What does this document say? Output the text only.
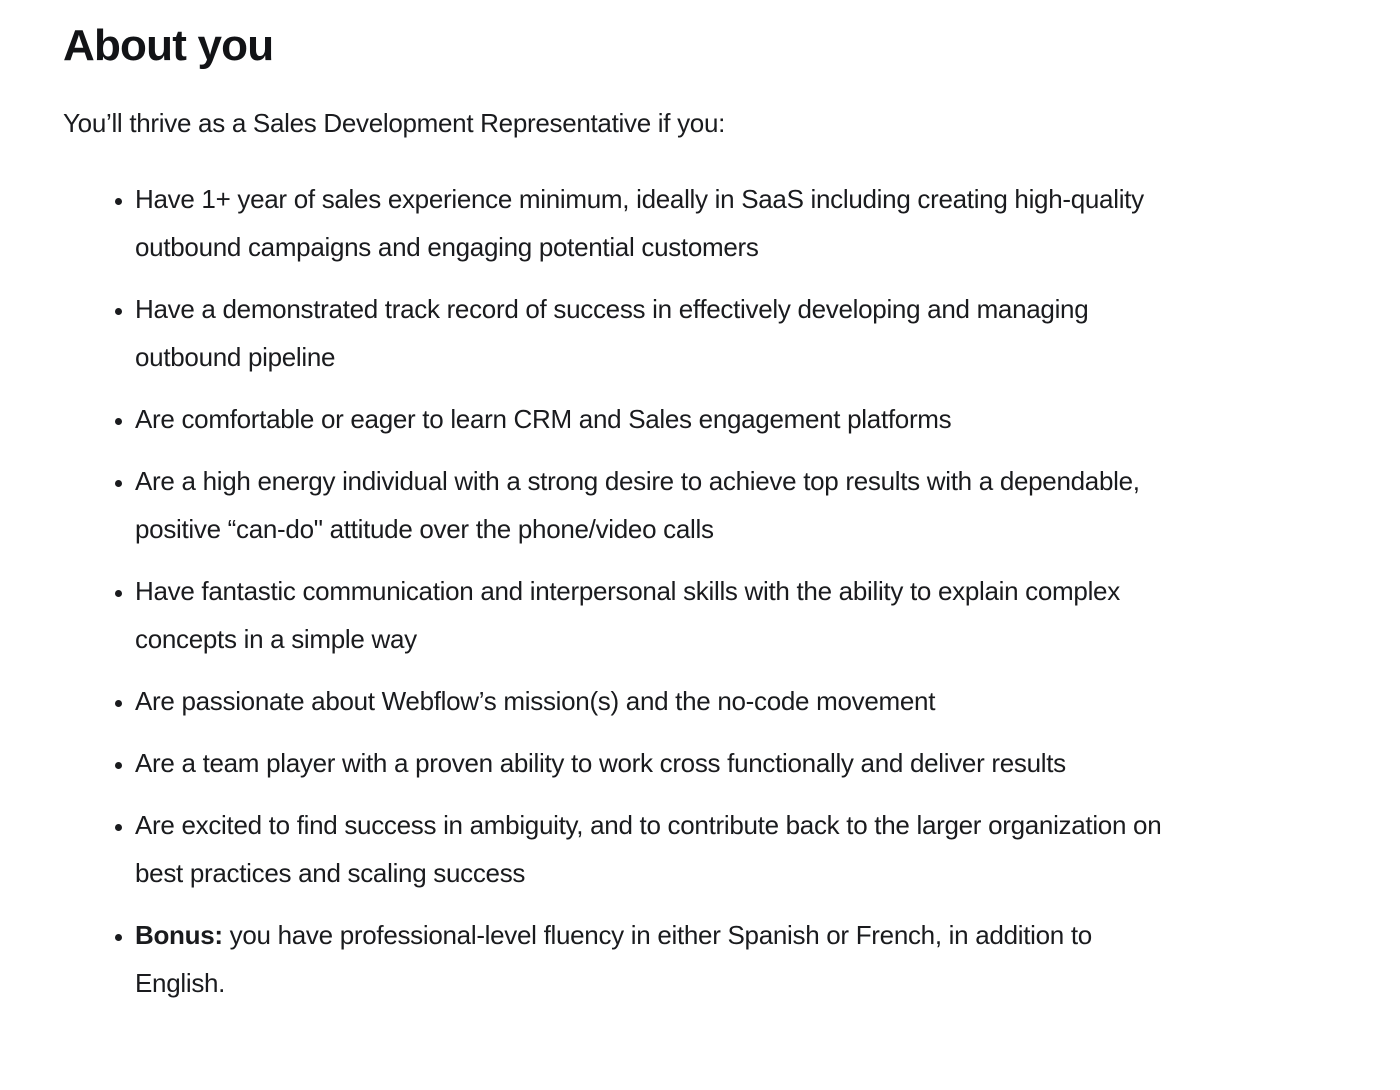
About you

You’ll thrive as a Sales Development Representative if you:

• Have 1+ year of sales experience minimum, ideally in SaaS including creating high-quality outbound campaigns and engaging potential customers
• Have a demonstrated track record of success in effectively developing and managing outbound pipeline
• Are comfortable or eager to learn CRM and Sales engagement platforms
• Are a high energy individual with a strong desire to achieve top results with a dependable, positive “can-do" attitude over the phone/video calls
• Have fantastic communication and interpersonal skills with the ability to explain complex concepts in a simple way
• Are passionate about Webflow’s mission(s) and the no-code movement
• Are a team player with a proven ability to work cross functionally and deliver results
• Are excited to find success in ambiguity, and to contribute back to the larger organization on best practices and scaling success
• Bonus: you have professional-level fluency in either Spanish or French, in addition to English.
